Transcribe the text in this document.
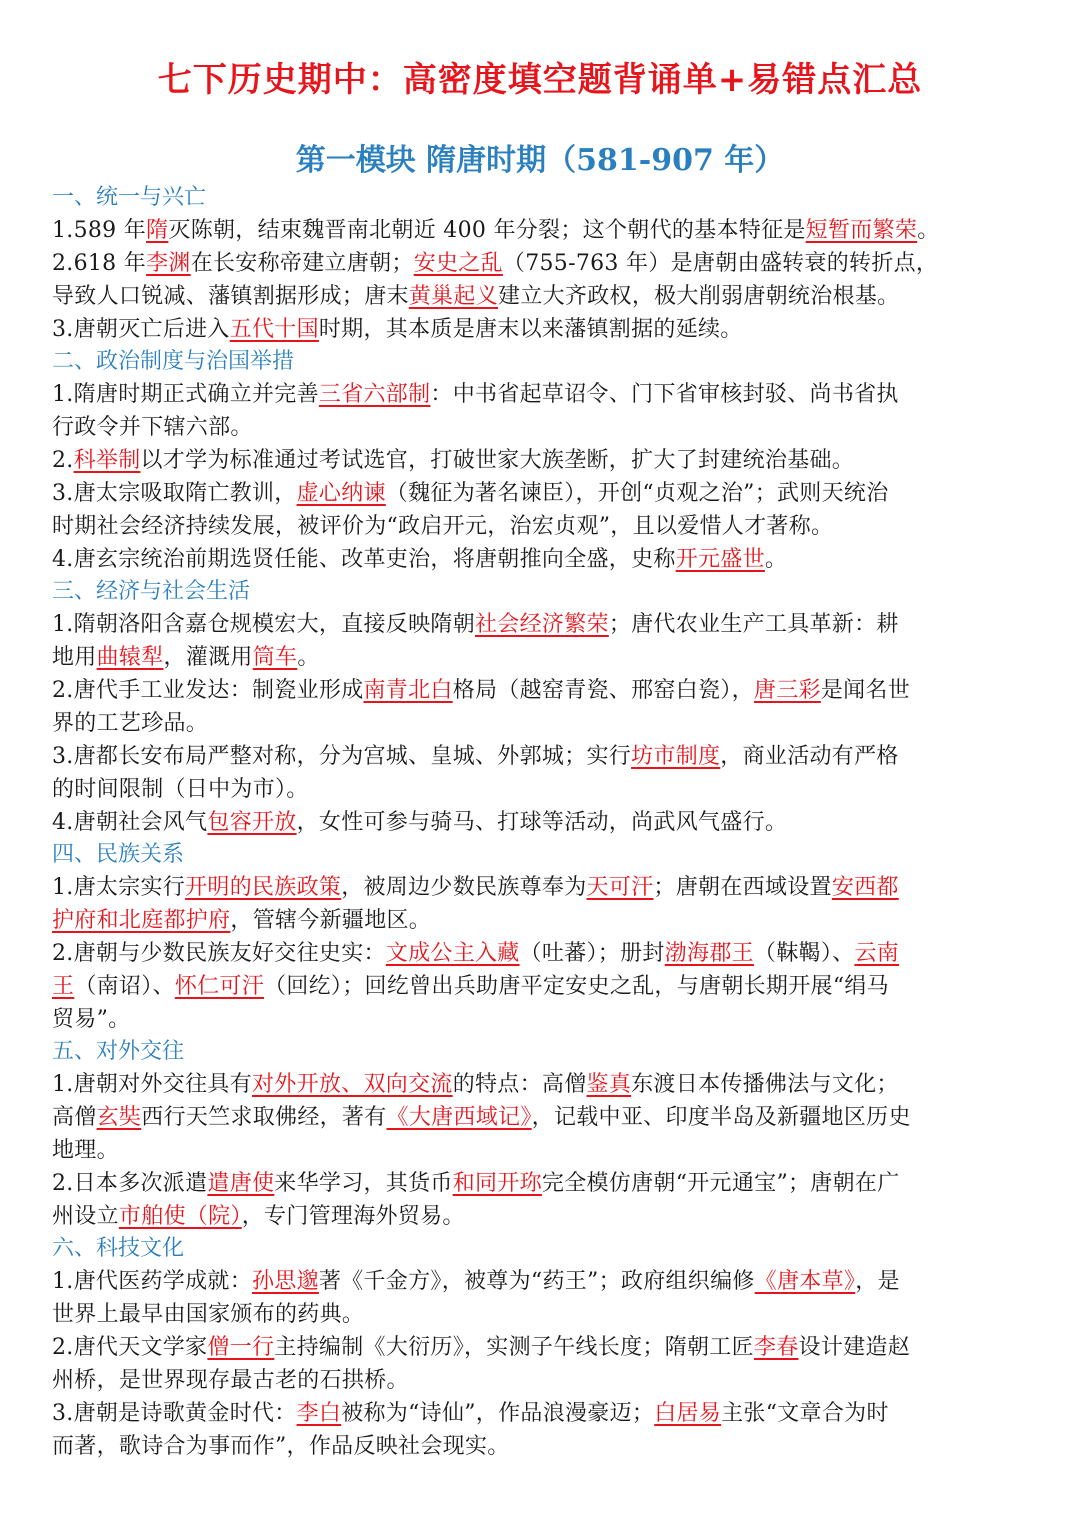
七下历史期中：高密度填空题背诵单+易错点汇总
第一模块 隋唐时期（581-907 年）
一、统一与兴亡
1.589 年隋灭陈朝，结束魏晋南北朝近 400 年分裂；这个朝代的基本特征是短暂而繁荣。
2.618 年李渊在长安称帝建立唐朝；安史之乱（755-763 年）是唐朝由盛转衰的转折点，
导致人口锐减、藩镇割据形成；唐末黄巢起义建立大齐政权，极大削弱唐朝统治根基。
3.唐朝灭亡后进入五代十国时期，其本质是唐末以来藩镇割据的延续。
二、政治制度与治国举措
1.隋唐时期正式确立并完善三省六部制：中书省起草诏令、门下省审核封驳、尚书省执
行政令并下辖六部。
2.科举制以才学为标准通过考试选官，打破世家大族垄断，扩大了封建统治基础。
3.唐太宗吸取隋亡教训，虚心纳谏（魏征为著名谏臣），开创“贞观之治”；武则天统治
时期社会经济持续发展，被评价为“政启开元，治宏贞观”，且以爱惜人才著称。
4.唐玄宗统治前期选贤任能、改革吏治，将唐朝推向全盛，史称开元盛世。
三、经济与社会生活
1.隋朝洛阳含嘉仓规模宏大，直接反映隋朝社会经济繁荣；唐代农业生产工具革新：耕
地用曲辕犁，灌溉用筒车。
2.唐代手工业发达：制瓷业形成南青北白格局（越窑青瓷、邢窑白瓷），唐三彩是闻名世
界的工艺珍品。
3.唐都长安布局严整对称，分为宫城、皇城、外郭城；实行坊市制度，商业活动有严格
的时间限制（日中为市）。
4.唐朝社会风气包容开放，女性可参与骑马、打球等活动，尚武风气盛行。
四、民族关系
1.唐太宗实行开明的民族政策，被周边少数民族尊奉为天可汗；唐朝在西域设置安西都
护府和北庭都护府，管辖今新疆地区。
2.唐朝与少数民族友好交往史实：文成公主入藏（吐蕃）；册封渤海郡王（靺鞨）、云南
王（南诏）、怀仁可汗（回纥）；回纥曾出兵助唐平定安史之乱，与唐朝长期开展“绢马
贸易”。
五、对外交往
1.唐朝对外交往具有对外开放、双向交流的特点：高僧鉴真东渡日本传播佛法与文化；
高僧玄奘西行天竺求取佛经，著有《大唐西域记》，记载中亚、印度半岛及新疆地区历史
地理。
2.日本多次派遣遣唐使来华学习，其货币和同开珎完全模仿唐朝“开元通宝”；唐朝在广
州设立市舶使（院），专门管理海外贸易。
六、科技文化
1.唐代医药学成就：孙思邈著《千金方》，被尊为“药王”；政府组织编修《唐本草》，是
世界上最早由国家颁布的药典。
2.唐代天文学家僧一行主持编制《大衍历》，实测子午线长度；隋朝工匠李春设计建造赵
州桥，是世界现存最古老的石拱桥。
3.唐朝是诗歌黄金时代：李白被称为“诗仙”，作品浪漫豪迈；白居易主张“文章合为时
而著，歌诗合为事而作”，作品反映社会现实。
